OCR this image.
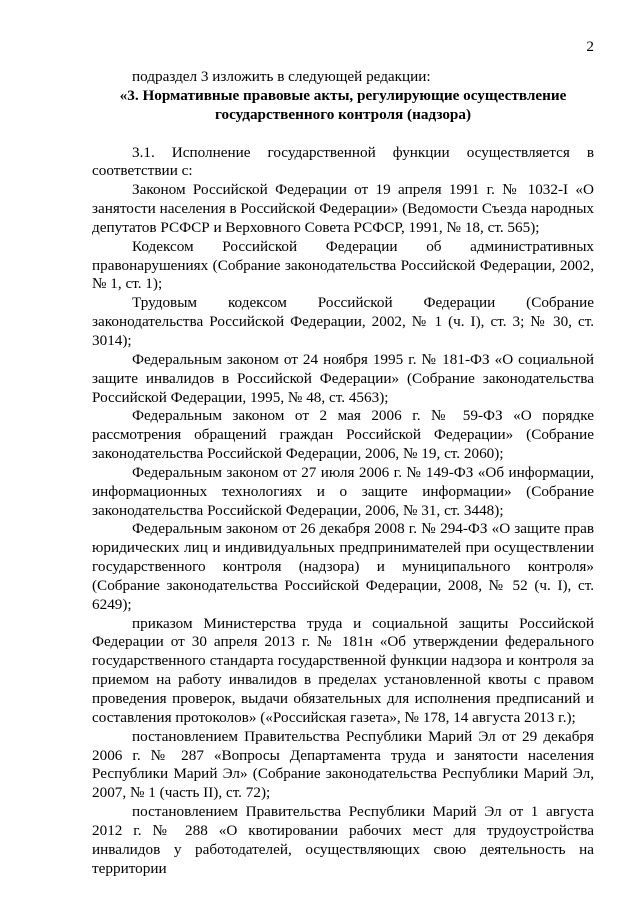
2

подраздел 3 изложить в следующей редакции:

«3. Нормативные правовые акты, регулирующие осуществление
государственного контроля (надзора)

3.1. Исполнение государственной функции осуществляется в соответствии с:

Законом Российской Федерации от 19 апреля 1991 г. № 1032-I «О занятости населения в Российской Федерации» (Ведомости Съезда народных депутатов РСФСР и Верховного Совета РСФСР, 1991, № 18, ст. 565);

Кодексом Российской Федерации об административных правонарушениях (Собрание законодательства Российской Федерации, 2002, № 1, ст. 1);

Трудовым кодексом Российской Федерации (Собрание законодательства Российской Федерации, 2002, № 1 (ч. I), ст. 3; № 30, ст. 3014);

Федеральным законом от 24 ноября 1995 г. № 181-ФЗ «О социальной защите инвалидов в Российской Федерации» (Собрание законодательства Российской Федерации, 1995, № 48, ст. 4563);

Федеральным законом от 2 мая 2006 г. № 59-ФЗ «О порядке рассмотрения обращений граждан Российской Федерации» (Собрание законодательства Российской Федерации, 2006, № 19, ст. 2060);

Федеральным законом от 27 июля 2006 г. № 149-ФЗ «Об информации, информационных технологиях и о защите информации» (Собрание законодательства Российской Федерации, 2006, № 31, ст. 3448);

Федеральным законом от 26 декабря 2008 г. № 294-ФЗ «О защите прав юридических лиц и индивидуальных предпринимателей при осуществлении государственного контроля (надзора) и муниципального контроля» (Собрание законодательства Российской Федерации, 2008, № 52 (ч. I), ст. 6249);

приказом Министерства труда и социальной защиты Российской Федерации от 30 апреля 2013 г. № 181н «Об утверждении федерального государственного стандарта государственной функции надзора и контроля за приемом на работу инвалидов в пределах установленной квоты с правом проведения проверок, выдачи обязательных для исполнения предписаний и составления протоколов» («Российская газета», № 178, 14 августа 2013 г.);

постановлением Правительства Республики Марий Эл от 29 декабря 2006 г. № 287 «Вопросы Департамента труда и занятости населения Республики Марий Эл» (Собрание законодательства Республики Марий Эл, 2007, № 1 (часть II), ст. 72);

постановлением Правительства Республики Марий Эл от 1 августа 2012 г. № 288 «О квотировании рабочих мест для трудоустройства инвалидов у работодателей, осуществляющих свою деятельность на территории
